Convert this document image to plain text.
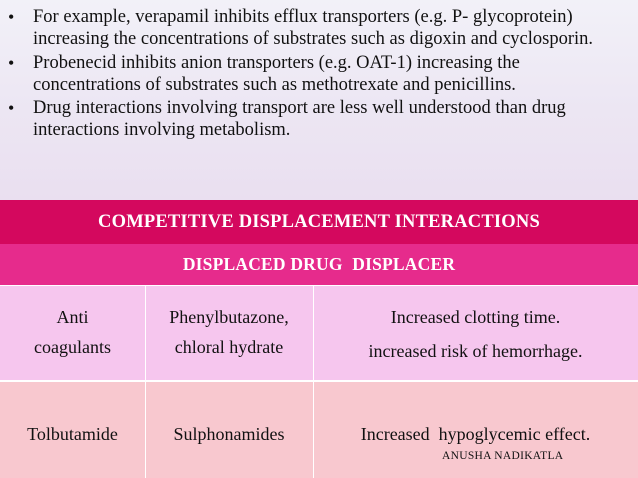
• For example, verapamil inhibits efflux transporters (e.g. P- glycoprotein) increasing the concentrations of substrates such as digoxin and cyclosporin.
• Probenecid inhibits anion transporters (e.g. OAT-1) increasing the concentrations of substrates such as methotrexate and penicillins.
• Drug interactions involving transport are less well understood than drug interactions involving metabolism.
COMPETITIVE DISPLACEMENT INTERACTIONS
DISPLACED DRUG DISPLACER
Anti
coagulants
Phenylbutazone,
chloral hydrate
Increased clotting time.
increased risk of hemorrhage.
Tolbutamide	Sulphonamides	Increased  hypoglycemic effect.
ANUSHA NADIKATLA
